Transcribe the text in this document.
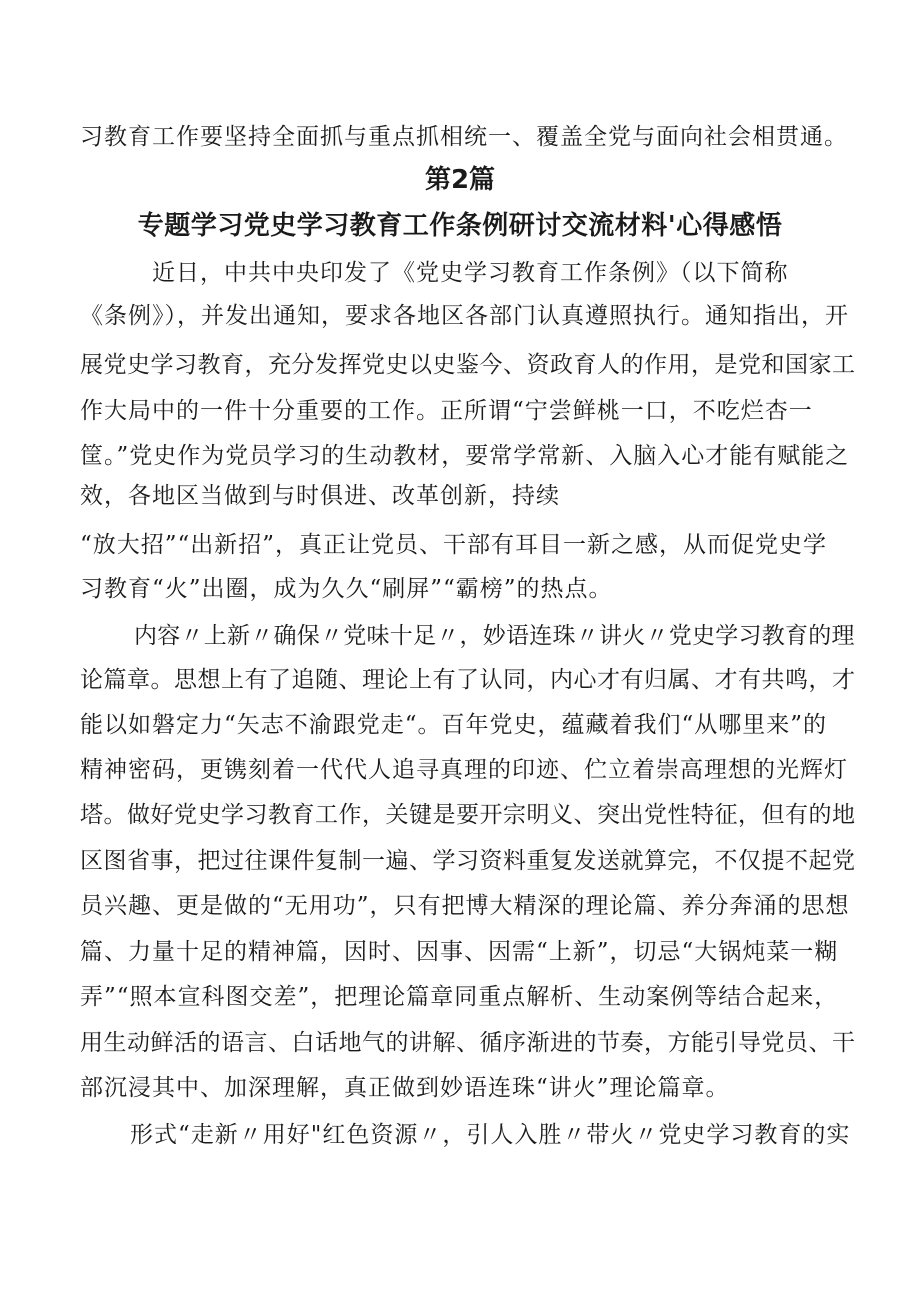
习教育工作要坚持全面抓与重点抓相统一、覆盖全党与面向社会相贯通。
第2篇
专题学习党史学习教育工作条例研讨交流材料'心得感悟
近日，中共中央印发了《党史学习教育工作条例》（以下简称
《条例》），并发出通知，要求各地区各部门认真遵照执行。通知指出，开
展党史学习教育，充分发挥党史以史鉴今、资政育人的作用，是党和国家工
作大局中的一件十分重要的工作。正所谓“宁尝鲜桃一口，不吃烂杏一
筐。”党史作为党员学习的生动教材，要常学常新、入脑入心才能有赋能之
效，各地区当做到与时俱进、改革创新，持续
“放大招”“出新招”，真正让党员、干部有耳目一新之感，从而促党史学
习教育“火”出圈，成为久久“刷屏”“霸榜”的热点。
内容〃上新〃确保〃党味十足〃，妙语连珠〃讲火〃党史学习教育的理
论篇章。思想上有了追随、理论上有了认同，内心才有归属、才有共鸣，才
能以如磐定力“矢志不渝跟党走“。百年党史，蕴藏着我们“从哪里来”的
精神密码，更镌刻着一代代人追寻真理的印迹、伫立着崇高理想的光辉灯
塔。做好党史学习教育工作，关键是要开宗明义、突出党性特征，但有的地
区图省事，把过往课件复制一遍、学习资料重复发送就算完，不仅提不起党
员兴趣、更是做的“无用功”，只有把博大精深的理论篇、养分奔涌的思想
篇、力量十足的精神篇，因时、因事、因需“上新”，切忌“大锅炖菜一糊
弄”“照本宣科图交差”，把理论篇章同重点解析、生动案例等结合起来，
用生动鲜活的语言、白话地气的讲解、循序渐进的节奏，方能引导党员、干
部沉浸其中、加深理解，真正做到妙语连珠“讲火”理论篇章。
形式“走新〃用好"红色资源〃，引人入胜〃带火〃党史学习教育的实
